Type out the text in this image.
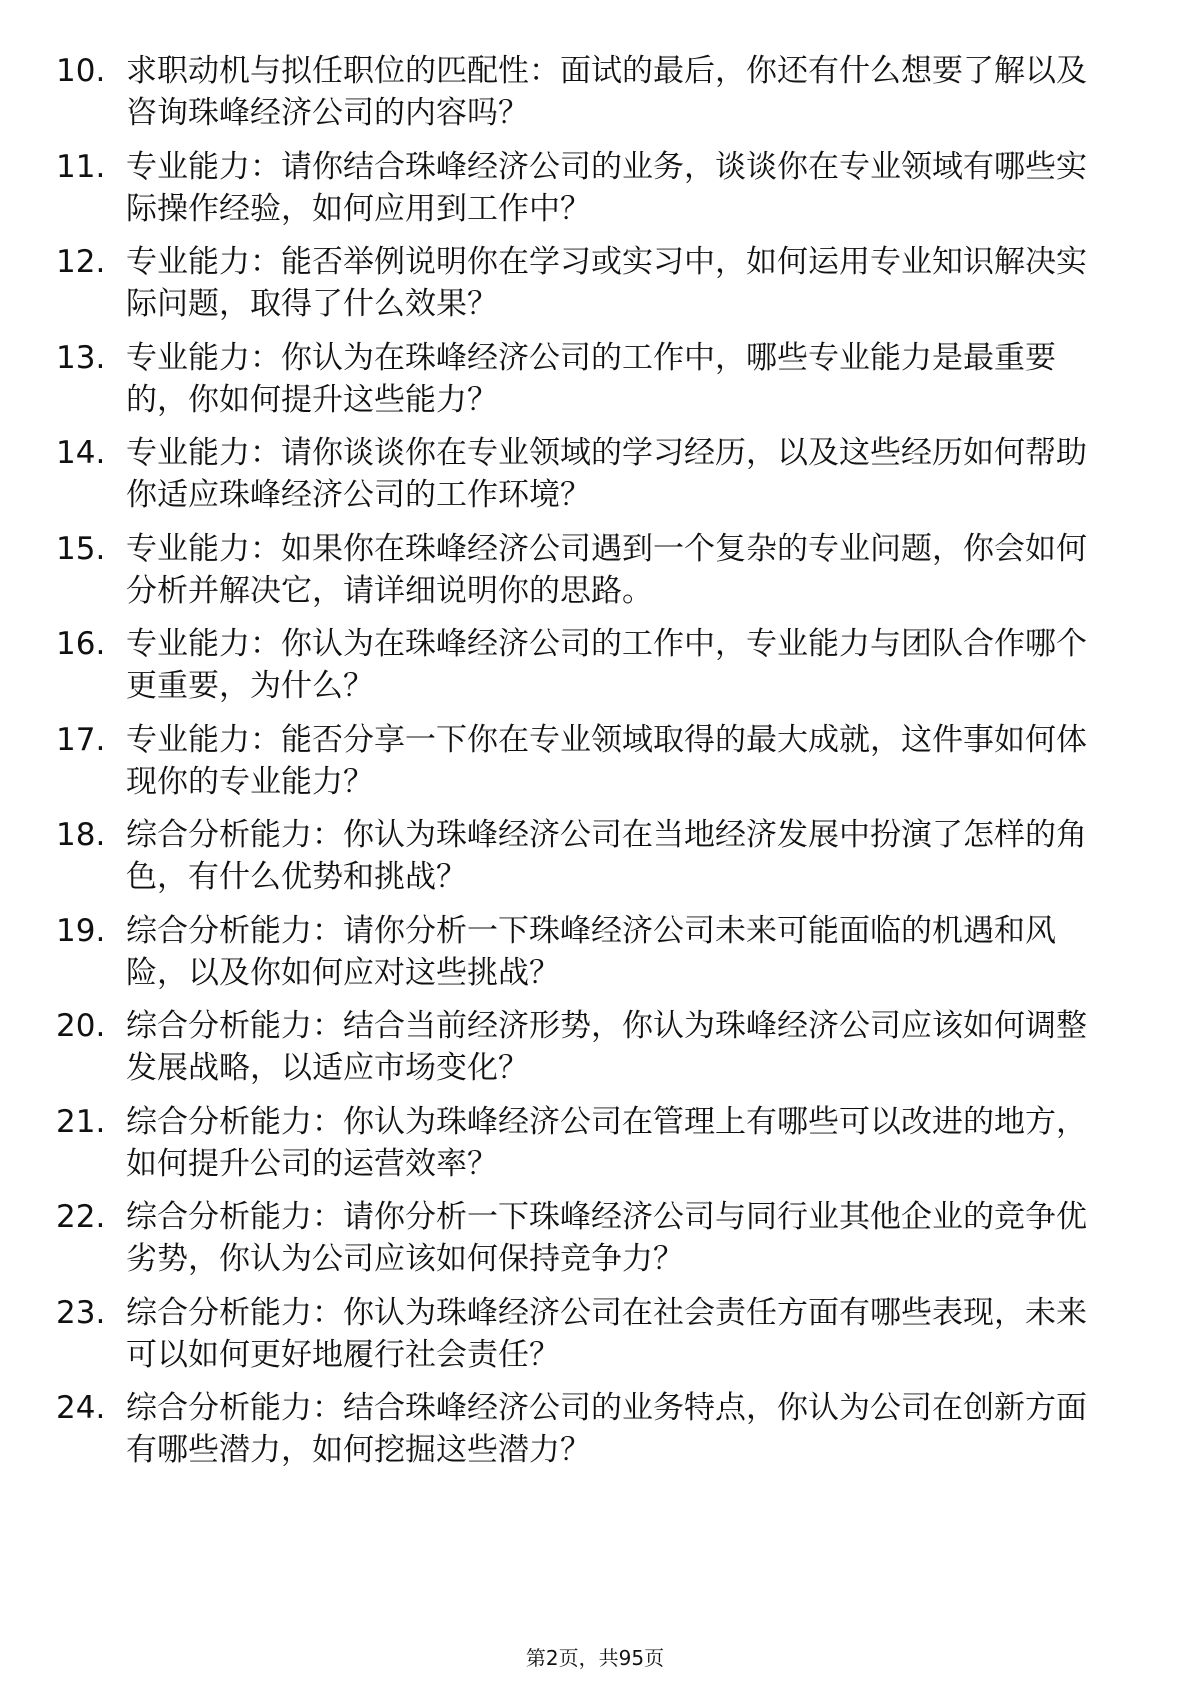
10. 求职动机与拟任职位的匹配性：面试的最后，你还有什么想要了解以及咨询珠峰经济公司的内容吗？
11. 专业能力：请你结合珠峰经济公司的业务，谈谈你在专业领域有哪些实际操作经验，如何应用到工作中？
12. 专业能力：能否举例说明你在学习或实习中，如何运用专业知识解决实际问题，取得了什么效果？
13. 专业能力：你认为在珠峰经济公司的工作中，哪些专业能力是最重要的，你如何提升这些能力？
14. 专业能力：请你谈谈你在专业领域的学习经历，以及这些经历如何帮助你适应珠峰经济公司的工作环境？
15. 专业能力：如果你在珠峰经济公司遇到一个复杂的专业问题，你会如何分析并解决它，请详细说明你的思路。
16. 专业能力：你认为在珠峰经济公司的工作中，专业能力与团队合作哪个更重要，为什么？
17. 专业能力：能否分享一下你在专业领域取得的最大成就，这件事如何体现你的专业能力？
18. 综合分析能力：你认为珠峰经济公司在当地经济发展中扮演了怎样的角色，有什么优势和挑战？
19. 综合分析能力：请你分析一下珠峰经济公司未来可能面临的机遇和风险，以及你如何应对这些挑战？
20. 综合分析能力：结合当前经济形势，你认为珠峰经济公司应该如何调整发展战略，以适应市场变化？
21. 综合分析能力：你认为珠峰经济公司在管理上有哪些可以改进的地方，如何提升公司的运营效率？
22. 综合分析能力：请你分析一下珠峰经济公司与同行业其他企业的竞争优劣势，你认为公司应该如何保持竞争力？
23. 综合分析能力：你认为珠峰经济公司在社会责任方面有哪些表现，未来可以如何更好地履行社会责任？
24. 综合分析能力：结合珠峰经济公司的业务特点，你认为公司在创新方面有哪些潜力，如何挖掘这些潜力？
第2页，共95页
